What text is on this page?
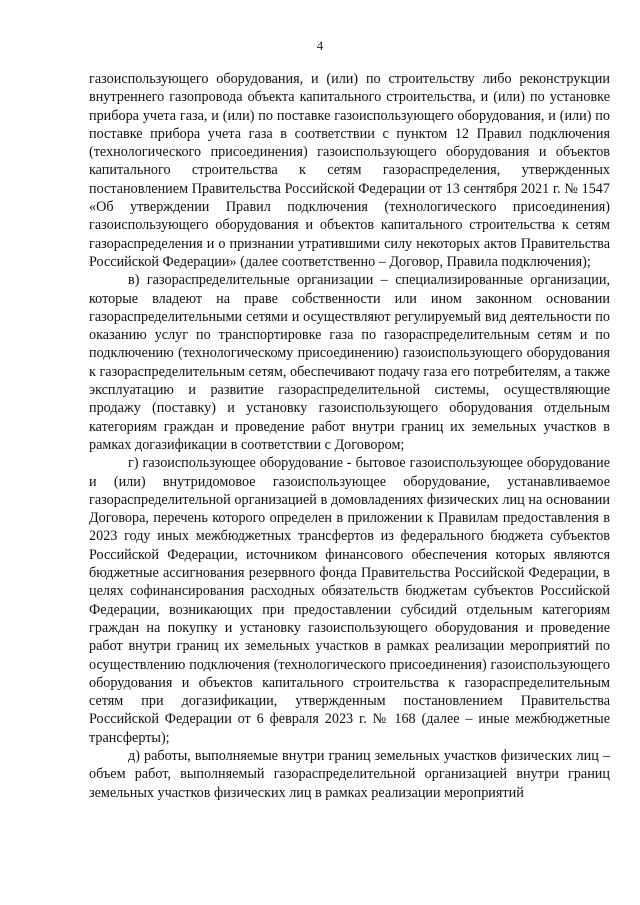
4

газоиспользующего оборудования, и (или) по строительству либо реконструкции внутреннего газопровода объекта капитального строительства, и (или) по установке прибора учета газа, и (или) по поставке газоиспользующего оборудования, и (или) по поставке прибора учета газа в соответствии с пунктом 12 Правил подключения (технологического присоединения) газоиспользующего оборудования и объектов капитального строительства к сетям газораспределения, утвержденных постановлением Правительства Российской Федерации от 13 сентября 2021 г. № 1547 «Об утверждении Правил подключения (технологического присоединения) газоиспользующего оборудования и объектов капитального строительства к сетям газораспределения и о признании утратившими силу некоторых актов Правительства Российской Федерации» (далее соответственно – Договор, Правила подключения);

в) газораспределительные организации – специализированные организации, которые владеют на праве собственности или ином законном основании газораспределительными сетями и осуществляют регулируемый вид деятельности по оказанию услуг по транспортировке газа по газораспределительным сетям и по подключению (технологическому присоединению) газоиспользующего оборудования к газораспределительным сетям, обеспечивают подачу газа его потребителям, а также эксплуатацию и развитие газораспределительной системы, осуществляющие продажу (поставку) и установку газоиспользующего оборудования отдельным категориям граждан и проведение работ внутри границ их земельных участков в рамках догазификации в соответствии с Договором;

г) газоиспользующее оборудование - бытовое газоиспользующее оборудование и (или) внутридомовое газоиспользующее оборудование, устанавливаемое газораспределительной организацией в домовладениях физических лиц на основании Договора, перечень которого определен в приложении к Правилам предоставления в 2023 году иных межбюджетных трансфертов из федерального бюджета субъектов Российской Федерации, источником финансового обеспечения которых являются бюджетные ассигнования резервного фонда Правительства Российской Федерации, в целях софинансирования расходных обязательств бюджетам субъектов Российской Федерации, возникающих при предоставлении субсидий отдельным категориям граждан на покупку и установку газоиспользующего оборудования и проведение работ внутри границ их земельных участков в рамках реализации мероприятий по осуществлению подключения (технологического присоединения) газоиспользующего оборудования и объектов капитального строительства к газораспределительным сетям при догазификации, утвержденным постановлением Правительства Российской Федерации от 6 февраля 2023 г. № 168 (далее – иные межбюджетные трансферты);

д) работы, выполняемые внутри границ земельных участков физических лиц – объем работ, выполняемый газораспределительной организацией внутри границ земельных участков физических лиц в рамках реализации мероприятий
